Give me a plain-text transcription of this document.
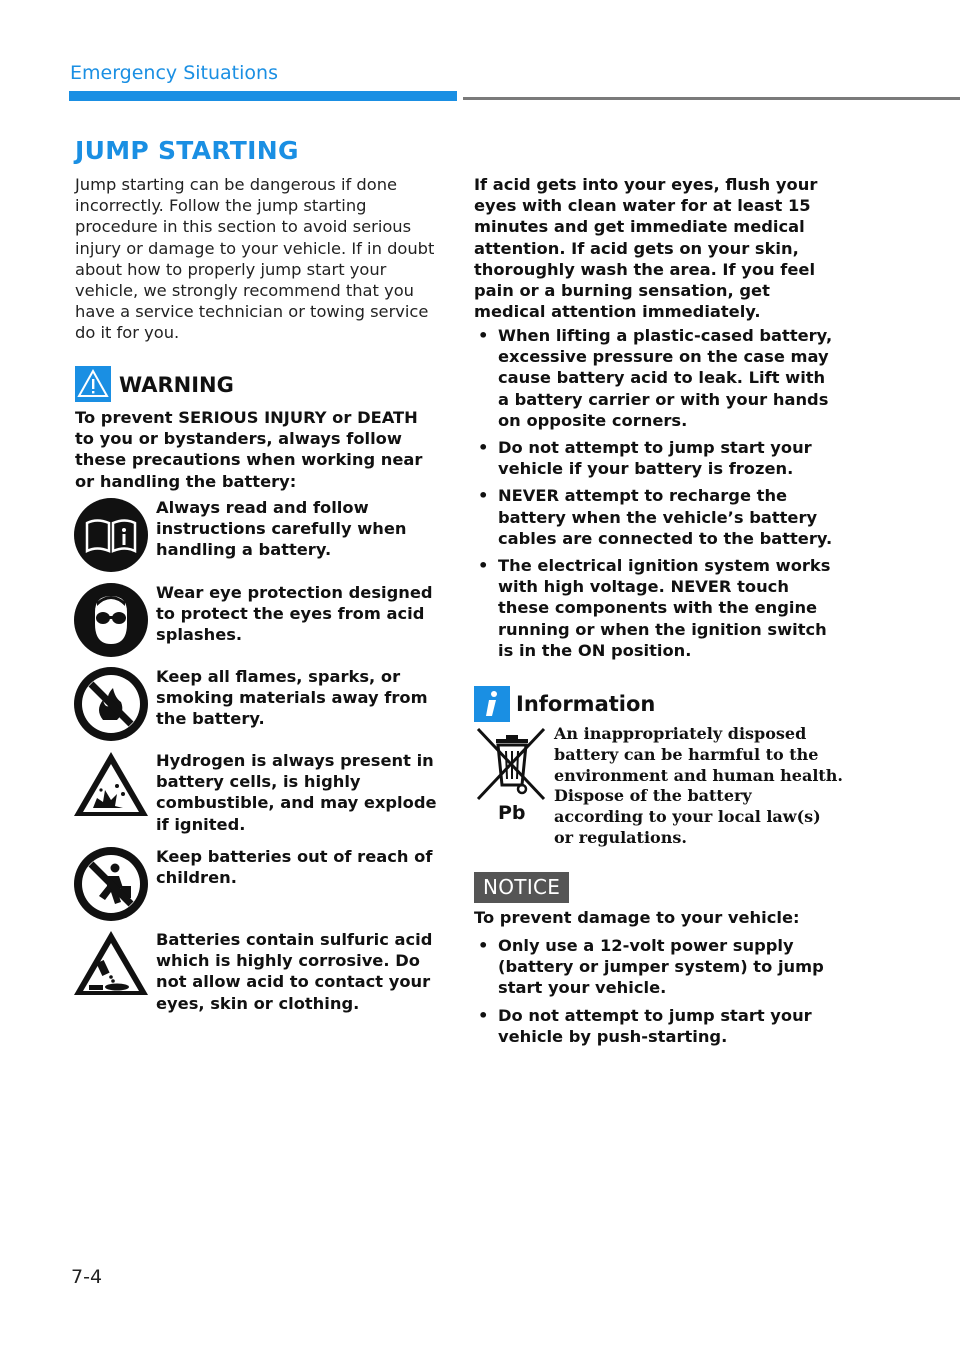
Emergency Situations
JUMP STARTING
Jump starting can be dangerous if done incorrectly. Follow the jump starting procedure in this section to avoid serious injury or damage to your vehicle. If in doubt about how to properly jump start your vehicle, we strongly recommend that you have a service technician or towing service do it for you.
WARNING
To prevent SERIOUS INJURY or DEATH to you or bystanders, always follow these precautions when working near or handling the battery:
Always read and follow instructions carefully when handling a battery.
Wear eye protection designed to protect the eyes from acid splashes.
Keep all flames, sparks, or smoking materials away from the battery.
Hydrogen is always present in battery cells, is highly combustible, and may explode if ignited.
Keep batteries out of reach of children.
Batteries contain sulfuric acid which is highly corrosive. Do not allow acid to contact your eyes, skin or clothing.
If acid gets into your eyes, flush your eyes with clean water for at least 15 minutes and get immediate medical attention. If acid gets on your skin, thoroughly wash the area. If you feel pain or a burning sensation, get medical attention immediately.
• When lifting a plastic-cased battery, excessive pressure on the case may cause battery acid to leak. Lift with a battery carrier or with your hands on opposite corners.
• Do not attempt to jump start your vehicle if your battery is frozen.
• NEVER attempt to recharge the battery when the vehicle’s battery cables are connected to the battery.
• The electrical ignition system works with high voltage. NEVER touch these components with the engine running or when the ignition switch is in the ON position.
Information
Pb
An inappropriately disposed battery can be harmful to the environment and human health. Dispose of the battery according to your local law(s) or regulations.
NOTICE
To prevent damage to your vehicle:
• Only use a 12-volt power supply (battery or jumper system) to jump start your vehicle.
• Do not attempt to jump start your vehicle by push-starting.
7-4
